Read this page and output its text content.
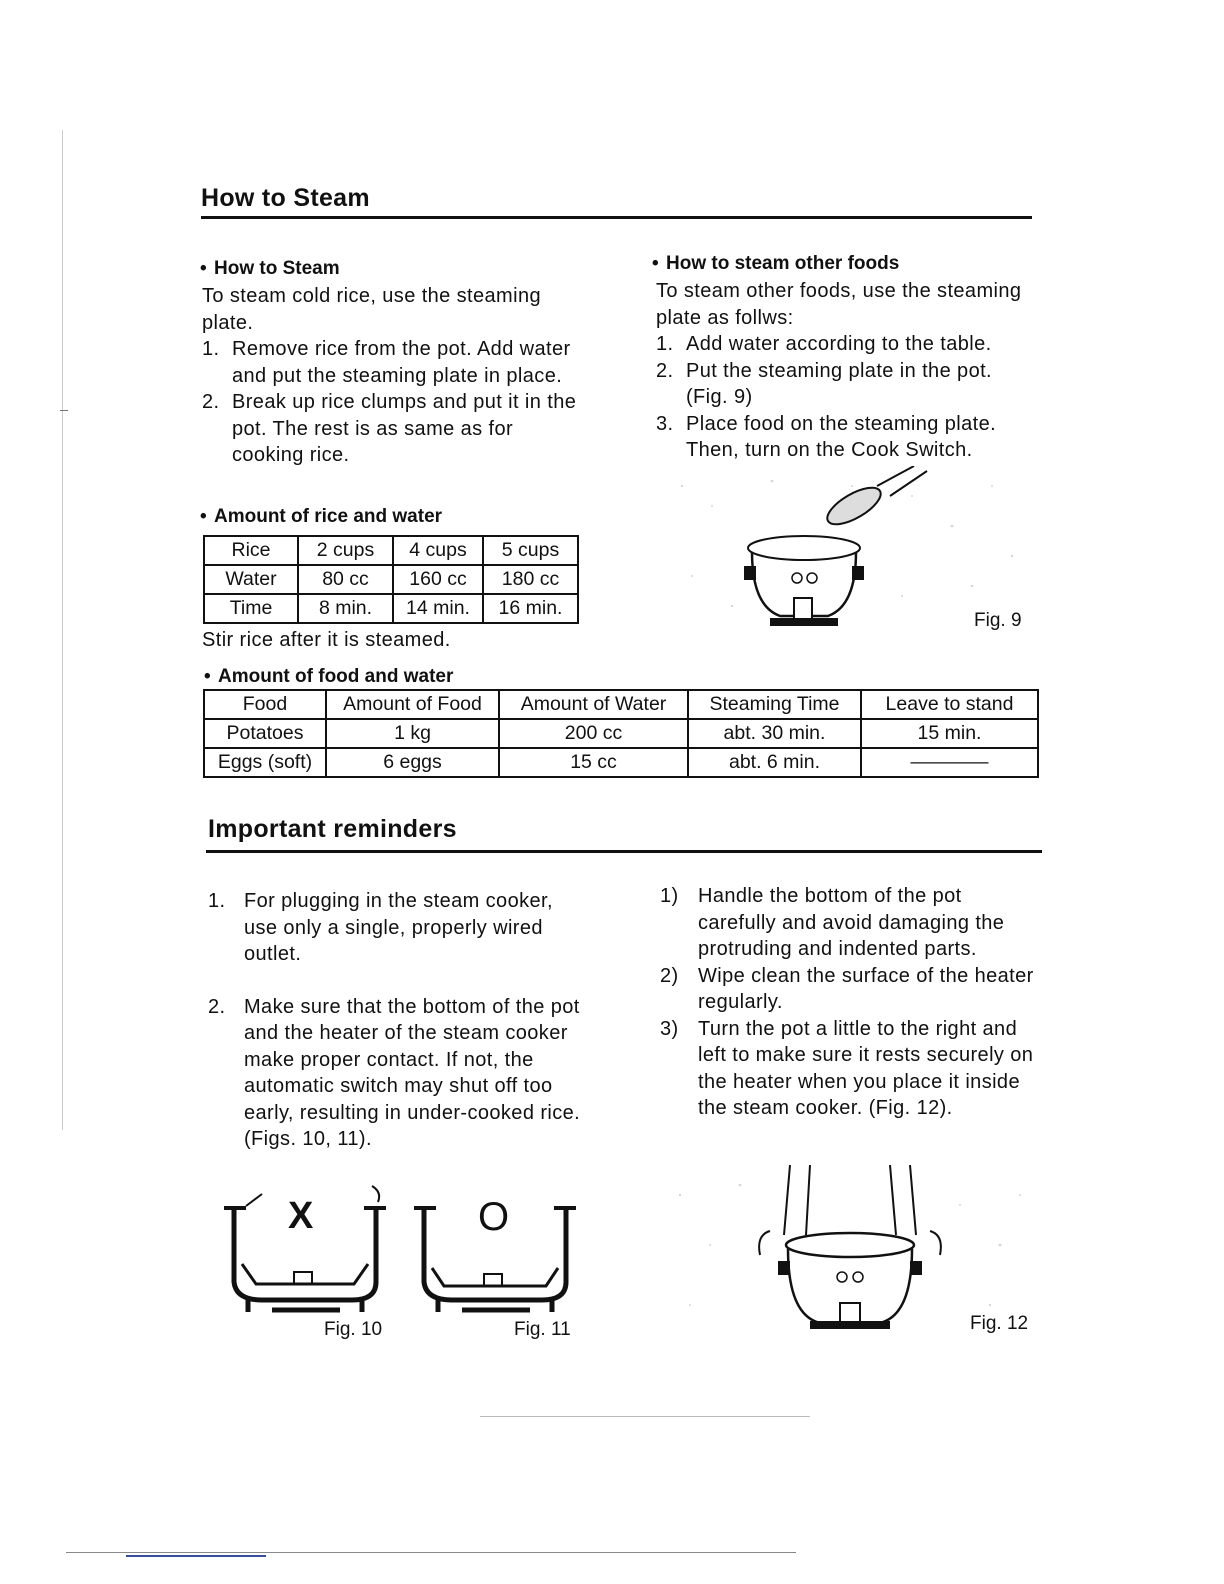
How to Steam
• How to Steam
To steam cold rice, use the steaming plate.
1. Remove rice from the pot. Add water and put the steaming plate in place.
2. Break up rice clumps and put it in the pot. The rest is as same as for cooking rice.
• Amount of rice and water
Rice	2 cups	4 cups	5 cups
Water	80 cc	160 cc	180 cc
Time	8 min.	14 min.	16 min.
Stir rice after it is steamed.
• How to steam other foods
To steam other foods, use the steaming plate as follws:
1. Add water according to the table.
2. Put the steaming plate in the pot. (Fig. 9)
3. Place food on the steaming plate. Then, turn on the Cook Switch.
Fig. 9
• Amount of food and water
Food	Amount of Food	Amount of Water	Steaming Time	Leave to stand
Potatoes	1 kg	200 cc	abt. 30 min.	15 min.
Eggs (soft)	6 eggs	15 cc	abt. 6 min.	————
Important reminders
1. For plugging in the steam cooker, use only a single, properly wired outlet.
2. Make sure that the bottom of the pot and the heater of the steam cooker make proper contact. If not, the automatic switch may shut off too early, resulting in under-cooked rice. (Figs. 10, 11).
1) Handle the bottom of the pot carefully and avoid damaging the protruding and indented parts.
2) Wipe clean the surface of the heater regularly.
3) Turn the pot a little to the right and left to make sure it rests securely on the heater when you place it inside the steam cooker. (Fig. 12).
X	O
Fig. 10	Fig. 11	Fig. 12
